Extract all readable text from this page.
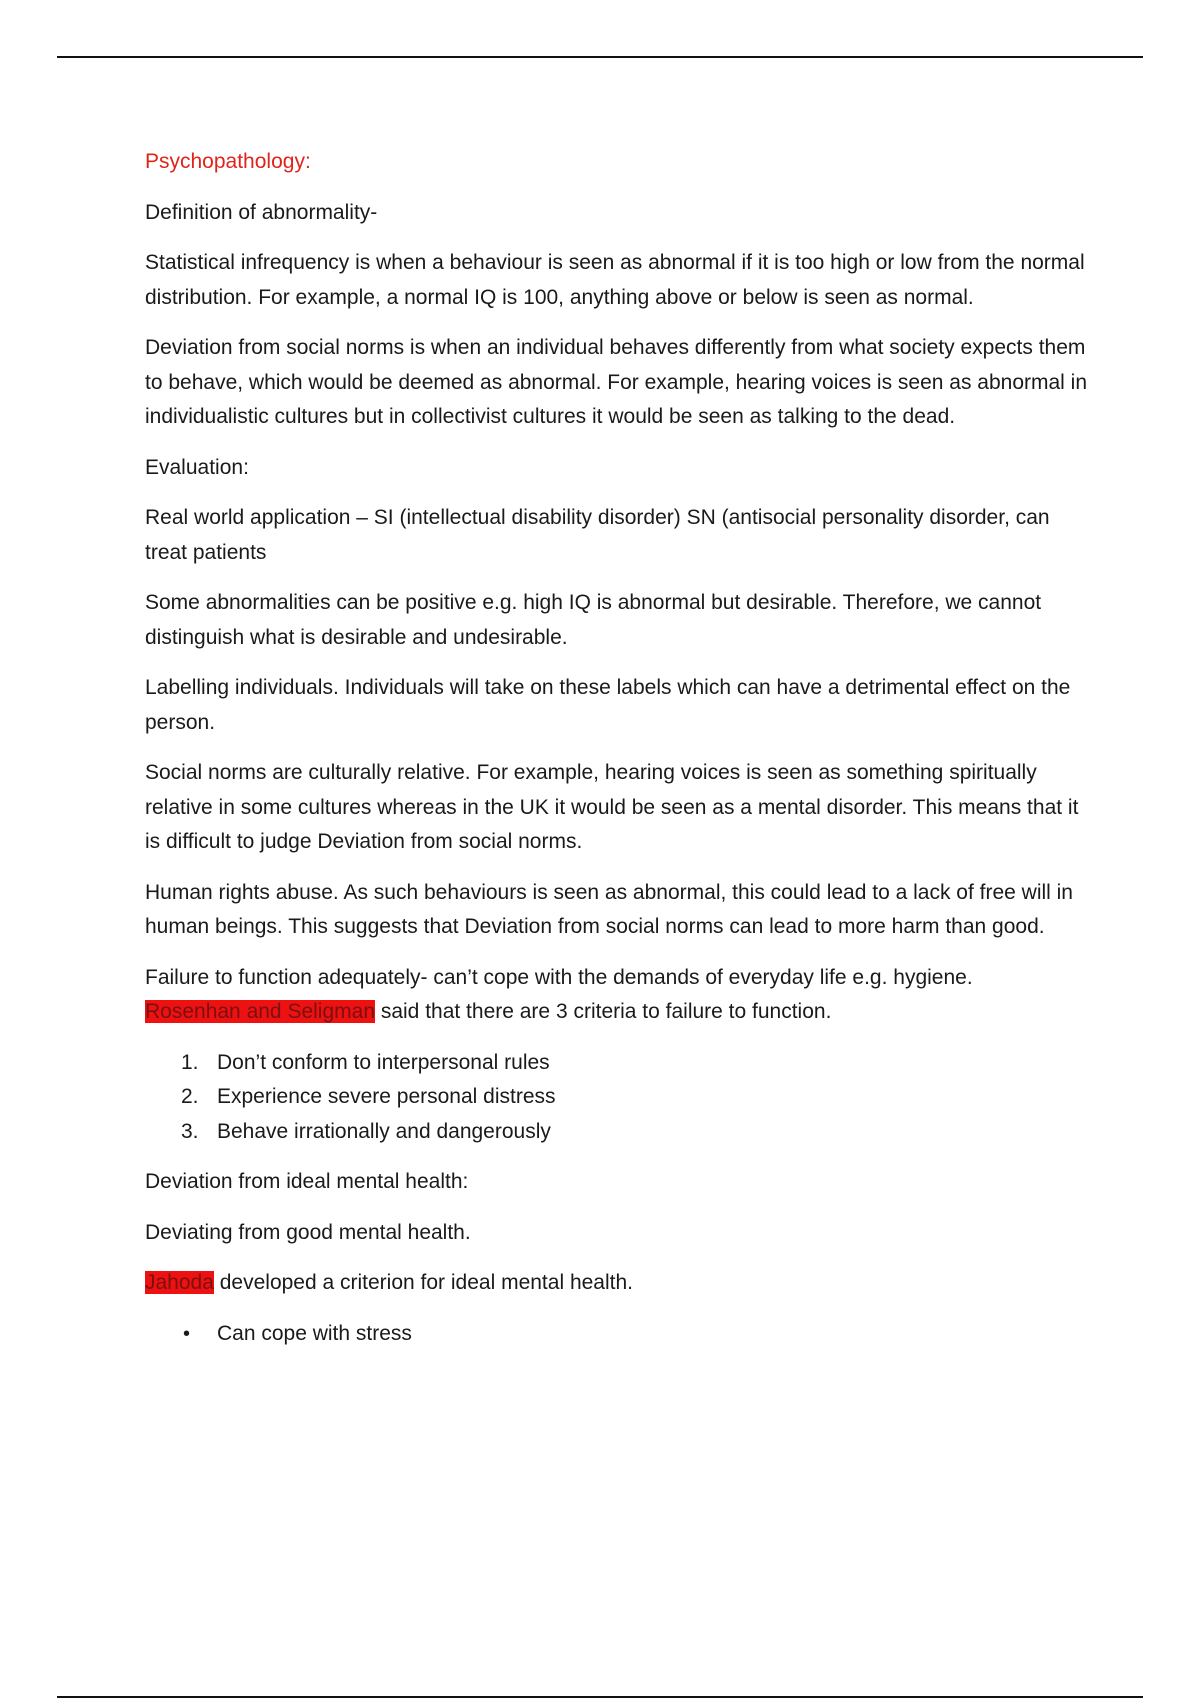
Psychopathology:

Definition of abnormality-

Statistical infrequency is when a behaviour is seen as abnormal if it is too high or low from the normal distribution. For example, a normal IQ is 100, anything above or below is seen as normal.

Deviation from social norms is when an individual behaves differently from what society expects them to behave, which would be deemed as abnormal. For example, hearing voices is seen as abnormal in individualistic cultures but in collectivist cultures it would be seen as talking to the dead.

Evaluation:

Real world application – SI (intellectual disability disorder) SN (antisocial personality disorder, can treat patients

Some abnormalities can be positive e.g. high IQ is abnormal but desirable. Therefore, we cannot distinguish what is desirable and undesirable.

Labelling individuals. Individuals will take on these labels which can have a detrimental effect on the person.

Social norms are culturally relative. For example, hearing voices is seen as something spiritually relative in some cultures whereas in the UK it would be seen as a mental disorder. This means that it is difficult to judge Deviation from social norms.

Human rights abuse. As such behaviours is seen as abnormal, this could lead to a lack of free will in human beings. This suggests that Deviation from social norms can lead to more harm than good.

Failure to function adequately- can’t cope with the demands of everyday life e.g. hygiene.
Rosenhan and Seligman said that there are 3 criteria to failure to function.

1. Don’t conform to interpersonal rules
2. Experience severe personal distress
3. Behave irrationally and dangerously

Deviation from ideal mental health:

Deviating from good mental health.

Jahoda developed a criterion for ideal mental health.

• Can cope with stress
